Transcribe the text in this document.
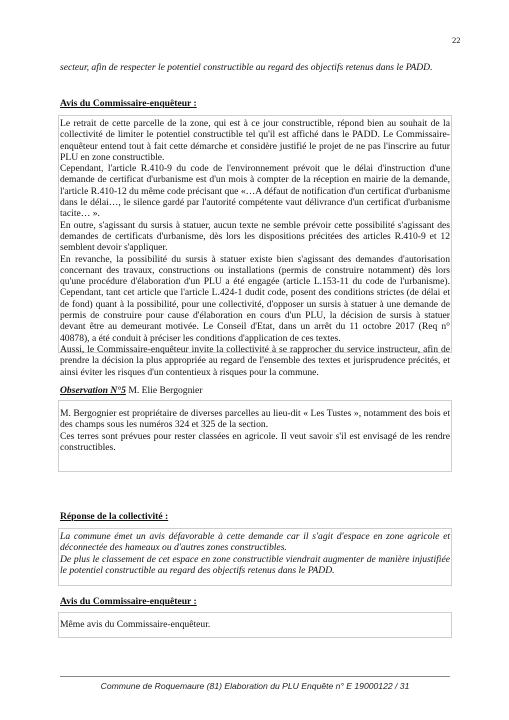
22
secteur, afin de respecter le potentiel constructible au regard des objectifs retenus dans le PADD.
Avis du Commissaire-enquêteur :

Le retrait de cette parcelle de la zone, qui est à ce jour constructible, répond bien au souhait de la collectivité de limiter le potentiel constructible tel qu'il est affiché dans le PADD. Le Commissaire-enquêteur entend tout à fait cette démarche et considère justifié le projet de ne pas l'inscrire au futur PLU en zone constructible.

Cependant, l'article R.410-9 du code de l'environnement prévoit que le délai d'instruction d'une demande de certificat d'urbanisme est d'un mois à compter de la réception en mairie de la demande, l'article R.410-12 du même code précisant que «…A défaut de notification d'un certificat d'urbanisme dans le délai…, le silence gardé par l'autorité compétente vaut délivrance d'un certificat d'urbanisme tacite… ».

En outre, s'agissant du sursis à statuer, aucun texte ne semble prévoir cette possibilité s'agissant des demandes de certificats d'urbanisme, dès lors les dispositions précitées des articles R.410-9 et 12 semblent devoir s'appliquer.

En revanche, la possibilité du sursis à statuer existe bien s'agissant des demandes d'autorisation concernant des travaux, constructions ou installations (permis de construire notamment) dès lors qu'une procédure d'élaboration d'un PLU a été engagée (article L.153-11 du code de l'urbanisme). Cependant, tant cet article que l'article L.424-1 dudit code, posent des conditions strictes (de délai et de fond) quant à la possibilité, pour une collectivité, d'opposer un sursis à statuer à une demande de permis de construire pour cause d'élaboration en cours d'un PLU, la décision de sursis à statuer devant être au demeurant motivée. Le Conseil d'Etat, dans un arrêt du 11 octobre 2017 (Req n° 40878), a été conduit à préciser les conditions d'application de ces textes.

Aussi, le Commissaire-enquêteur invite la collectivité à se rapprocher du service instructeur, afin de prendre la décision la plus appropriée au regard de l'ensemble des textes et jurisprudence précités, et ainsi éviter les risques d'un contentieux à risques pour la commune.

Observation N°5 M. Elie Bergognier

M. Bergognier est propriétaire de diverses parcelles au lieu-dit « Les Tustes », notamment des bois et des champs sous les numéros 324 et 325 de la section.

Ces terres sont prévues pour rester classées en agricole. Il veut savoir s'il est envisagé de les rendre constructibles.

Réponse de la collectivité :

La commune émet un avis défavorable à cette demande car il s'agit d'espace en zone agricole et déconnectée des hameaux ou d'autres zones constructibles.

De plus le classement de cet espace en zone constructible viendrait augmenter de manière injustifiée le potentiel constructible au regard des objectifs retenus dans le PADD.

Avis du Commissaire-enquêteur :
Même avis du Commissaire-enquêteur.
Commune de Roquemaure (81) Elaboration du PLU Enquête n° E 19000122 / 31
